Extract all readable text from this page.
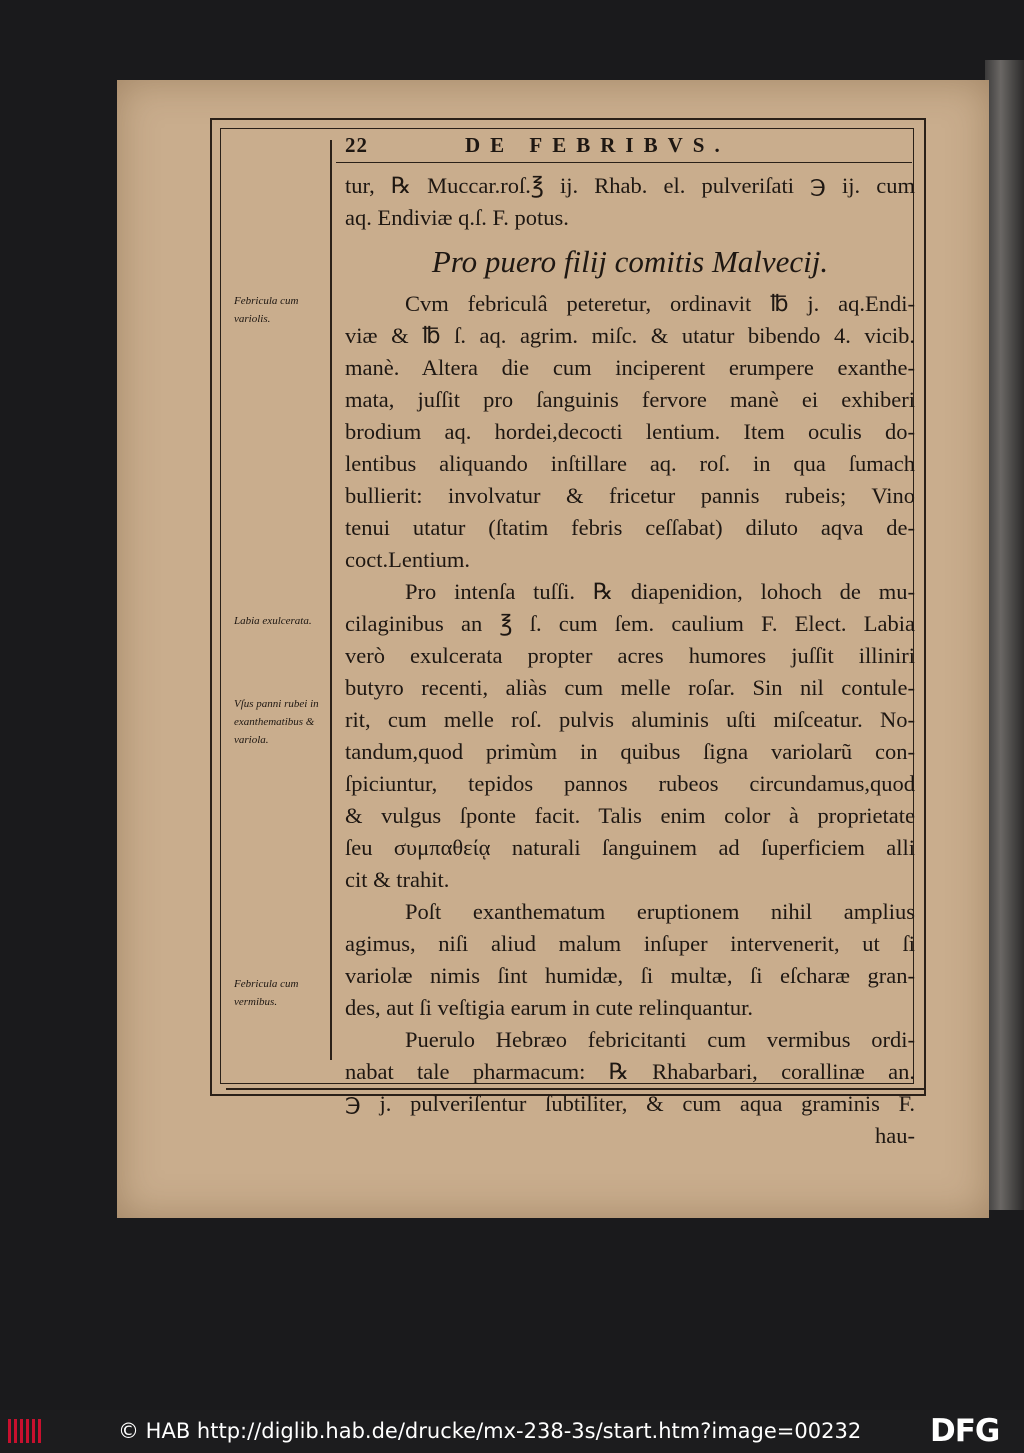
22	DE FEBRIBVS.
tur, ℞ Muccar.roſ.℥ ij. Rhab. el. pulveriſati ℈ ij. cum
aq. Endiviæ q.ſ. F. potus.
Pro puero filij comitis Malvecij.
Cvm febriculâ peteretur, ordinavit ℔ j. aq.Endi-
viæ & ℔ ſ. aq. agrim. miſc. & utatur bibendo 4. vicib.
manè. Altera die cum inciperent erumpere exanthe-
mata, juſſit pro ſanguinis fervore manè ei exhiberi
brodium aq. hordei,decocti lentium. Item oculis do-
lentibus aliquando inſtillare aq. roſ. in qua ſumach
bullierit: involvatur & fricetur pannis rubeis; Vino
tenui utatur (ſtatim febris ceſſabat) diluto aqva de-
coct.Lentium.
Pro intenſa tuſſi. ℞ diapenidion, lohoch de mu-
cilaginibus an ℥ ſ. cum ſem. caulium F. Elect. Labia
verò exulcerata propter acres humores juſſit illiniri
butyro recenti, aliàs cum melle roſar. Sin nil contule-
rit, cum melle roſ. pulvis aluminis uſti miſceatur. No-
tandum,quod primùm in quibus ſigna variolarũ con-
ſpiciuntur, tepidos pannos rubeos circundamus,quod
& vulgus ſponte facit. Talis enim color à proprietate
ſeu συμπαθείᾳ naturali ſanguinem ad ſuperficiem alli
cit & trahit.
Poſt exanthematum eruptionem nihil amplius
agimus, niſi aliud malum inſuper intervenerit, ut ſi
variolæ nimis ſint humidæ, ſi multæ, ſi eſcharæ gran-
des, aut ſi veſtigia earum in cute relinquantur.
Puerulo Hebræo febricitanti cum vermibus ordi-
nabat tale pharmacum: ℞ Rhabarbari, corallinæ an.
℈ j. pulveriſentur ſubtiliter, & cum aqua graminis F.
hau-
Febricula cum variolis.
Labia exulcerata.
Vſus panni rubei in exanthematibus & variola.
Febricula cum vermibus.
© HAB http://diglib.hab.de/drucke/mx-238-3s/start.htm?image=00232 DFG
